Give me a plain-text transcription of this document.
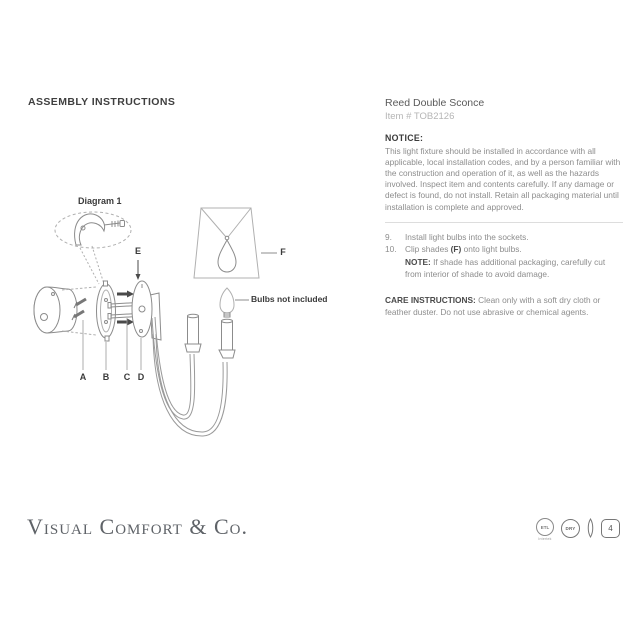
ASSEMBLY INSTRUCTIONS
Diagram 1
A B C D
E	F
Bulbs not included
Reed Double Sconce
Item # TOB2126
NOTICE:
This light fixture should be installed in accordance with all applicable, local installation codes, and by a person familiar with the construction and operation of it, as well as the hazards involved. Inspect item and contents carefully. If any damage or defect is found, do not install. Retain all packaging material until installation is complete and approved.
9.	Install light bulbs into the sockets.
10.	Clip shades (F) onto light bulbs.
NOTE: If shade has additional packaging, carefully cut from interior of shade to avoid damage.
CARE INSTRUCTIONS: Clean only with a soft dry cloth or feather duster. Do not use abrasive or chemical agents.
Visual Comfort & Co.	ETL
Intertek
DRY	4
